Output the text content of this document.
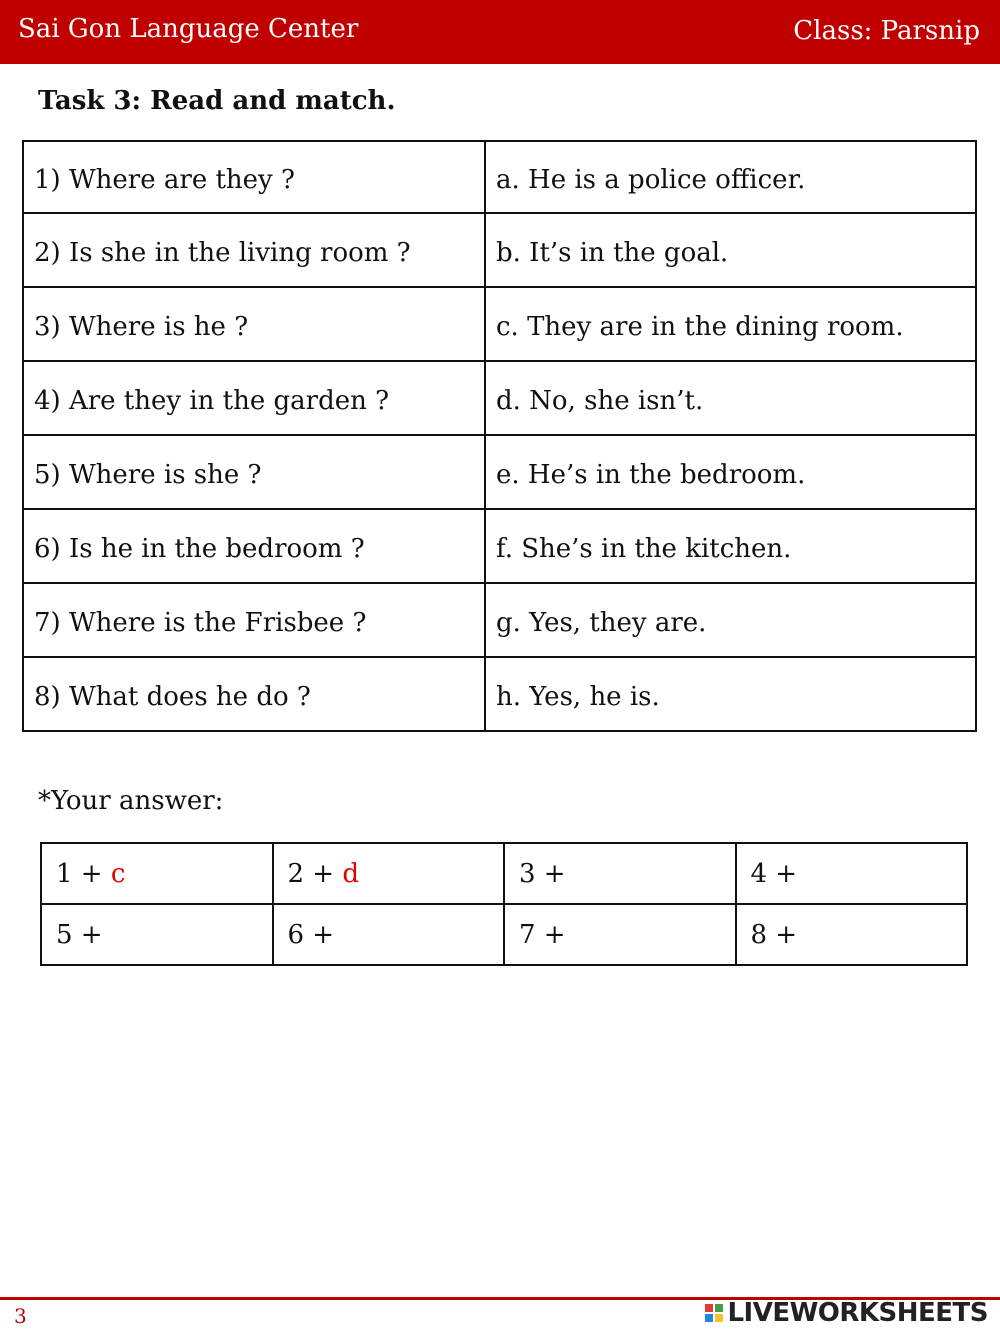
Sai Gon Language Center	Class: Parsnip
Task 3: Read and match.
1) Where are they ?	a. He is a police officer.
2) Is she in the living room ?	b. It’s in the goal.
3) Where is he ?	c. They are in the dining room.
4) Are they in the garden ?	d. No, she isn’t.
5) Where is she ?	e. He’s in the bedroom.
6) Is he in the bedroom ?	f. She’s in the kitchen.
7) Where is the Frisbee ?	g. Yes, they are.
8) What does he do ?	h. Yes, he is.
*Your answer:
1 + c	2 + d	3 +	4 +
5 +	6 +	7 +	8 +
3	LIVEWORKSHEETS
